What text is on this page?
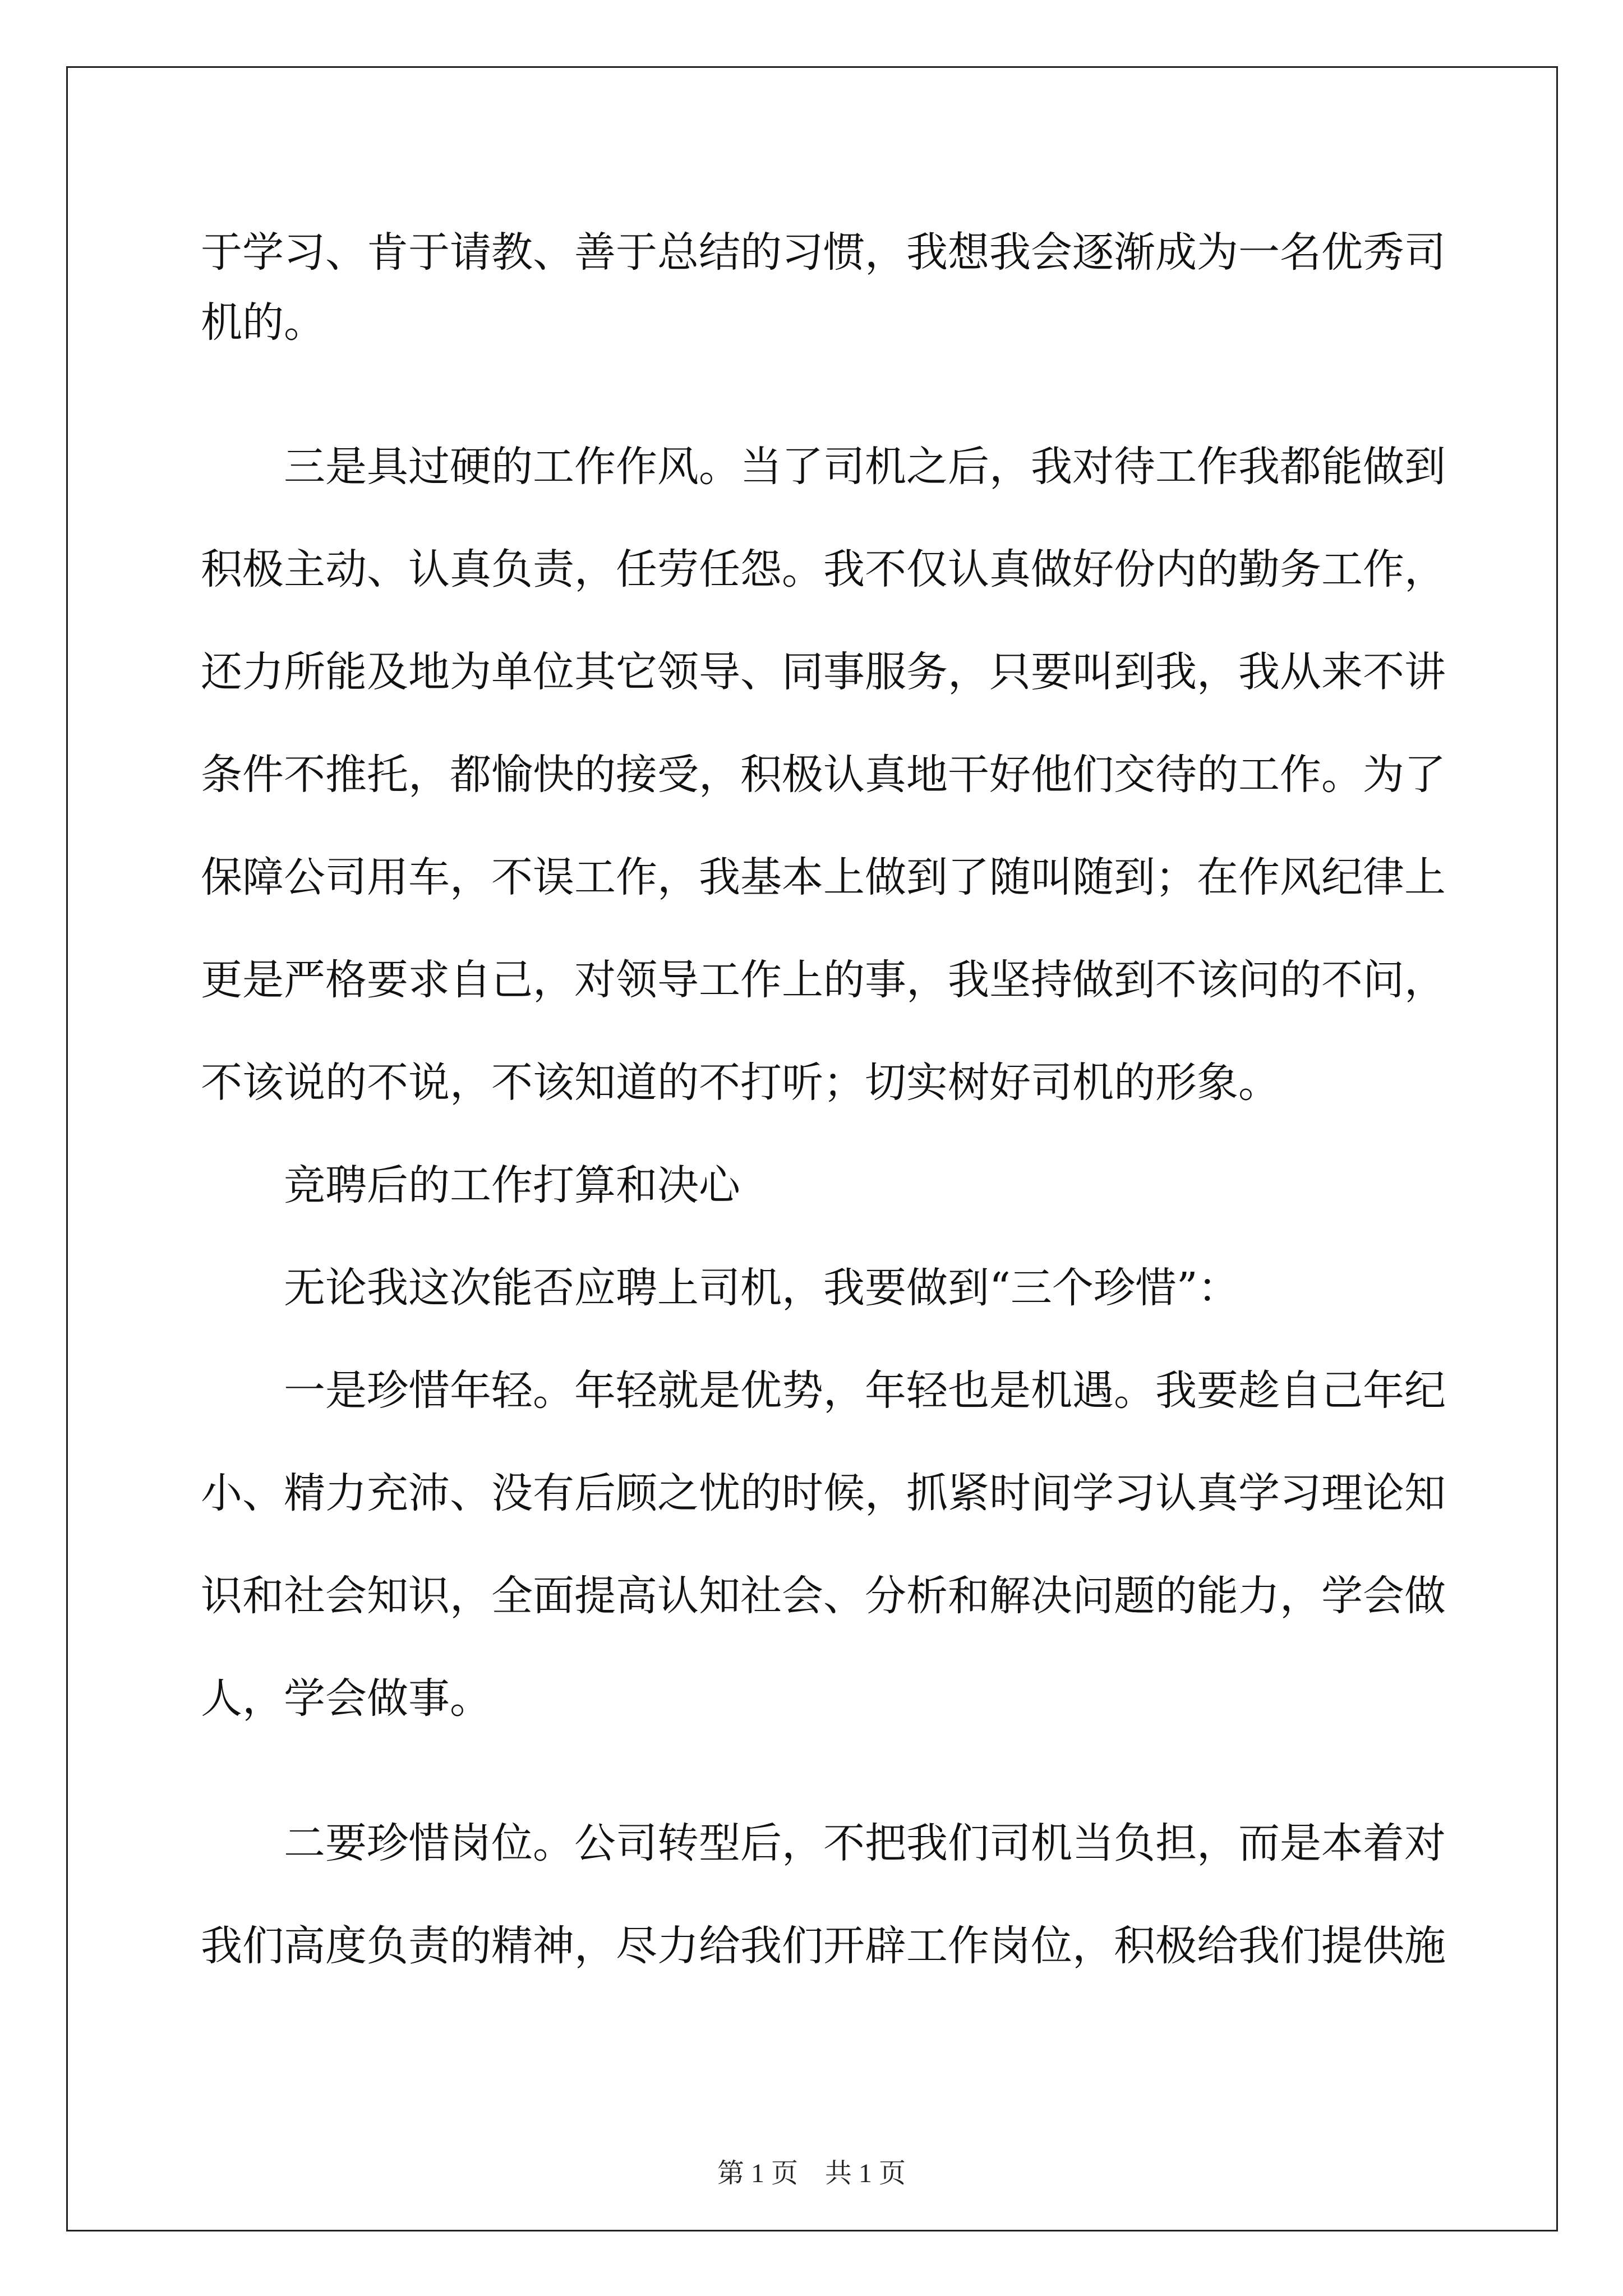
于学习、肯于请教、善于总结的习惯，我想我会逐渐成为一名优秀司
机的。
三是具过硬的工作作风。当了司机之后，我对待工作我都能做到
积极主动、认真负责，任劳任怨。我不仅认真做好份内的勤务工作，
还力所能及地为单位其它领导、同事服务，只要叫到我，我从来不讲
条件不推托，都愉快的接受，积极认真地干好他们交待的工作。为了
保障公司用车，不误工作，我基本上做到了随叫随到；在作风纪律上
更是严格要求自己，对领导工作上的事，我坚持做到不该问的不问，
不该说的不说，不该知道的不打听；切实树好司机的形象。
竞聘后的工作打算和决心
无论我这次能否应聘上司机，我要做到“三个珍惜”：
一是珍惜年轻。年轻就是优势，年轻也是机遇。我要趁自己年纪
小、精力充沛、没有后顾之忧的时候，抓紧时间学习认真学习理论知
识和社会知识，全面提高认知社会、分析和解决问题的能力，学会做
人，学会做事。
二要珍惜岗位。公司转型后，不把我们司机当负担，而是本着对
我们高度负责的精神，尽力给我们开辟工作岗位，积极给我们提供施
第 1 页　共 1 页
